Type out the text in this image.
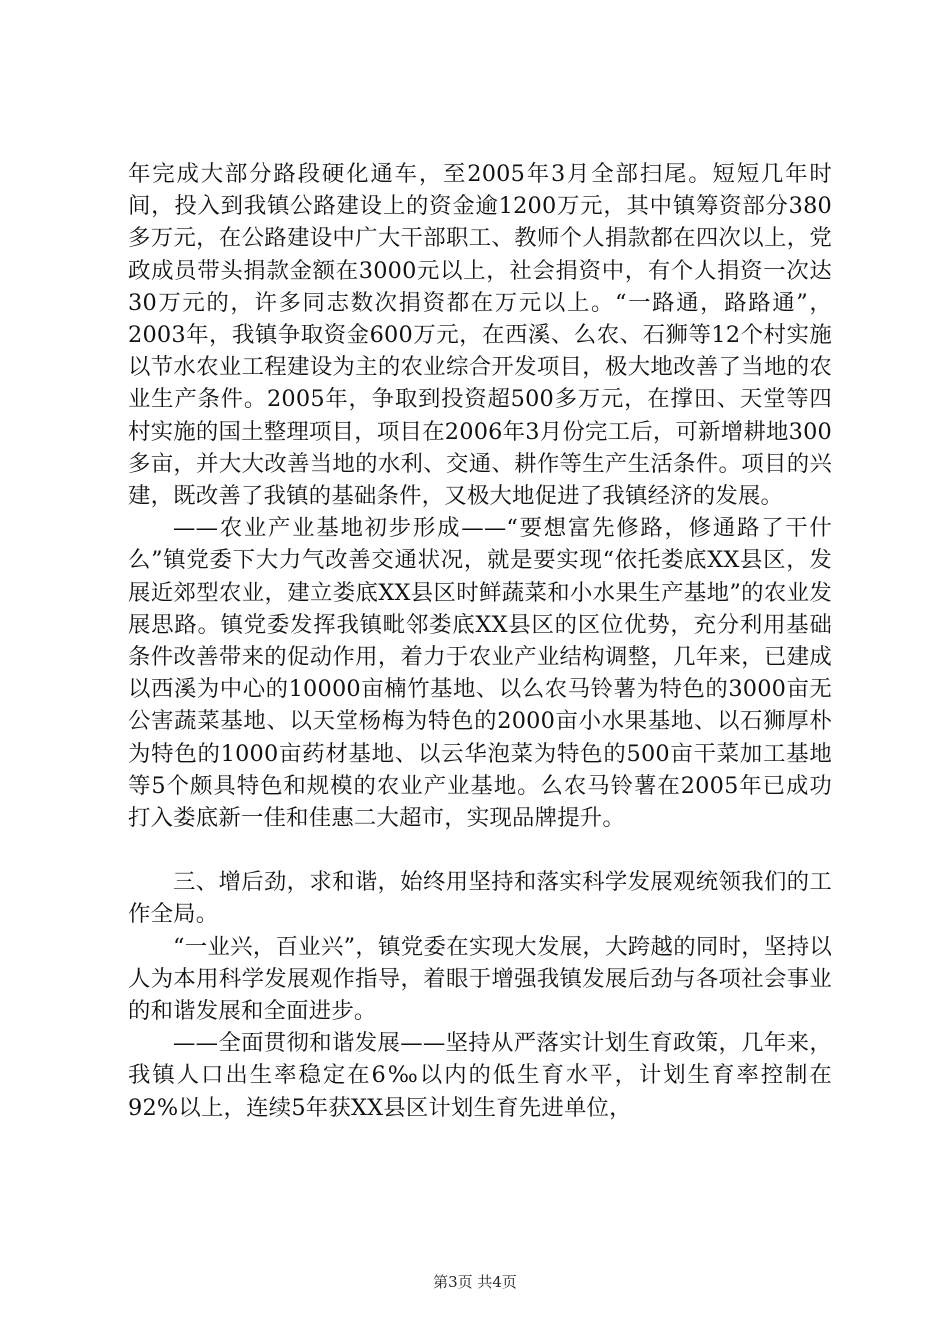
年完成大部分路段硬化通车，至2005年3月全部扫尾。短短几年时间，投入到我镇公路建设上的资金逾1200万元，其中镇筹资部分380多万元，在公路建设中广大干部职工、教师个人捐款都在四次以上，党政成员带头捐款金额在3000元以上，社会捐资中，有个人捐资一次达30万元的，许多同志数次捐资都在万元以上。“一路通，路路通”，2003年，我镇争取资金600万元，在西溪、么农、石狮等12个村实施以节水农业工程建设为主的农业综合开发项目，极大地改善了当地的农业生产条件。2005年，争取到投资超500多万元，在撑田、天堂等四村实施的国土整理项目，项目在2006年3月份完工后，可新增耕地300多亩，并大大改善当地的水利、交通、耕作等生产生活条件。项目的兴建，既改善了我镇的基础条件，又极大地促进了我镇经济的发展。

——农业产业基地初步形成——“要想富先修路，修通路了干什么”镇党委下大力气改善交通状况，就是要实现“依托娄底XX县区，发展近郊型农业，建立娄底XX县区时鲜蔬菜和小水果生产基地”的农业发展思路。镇党委发挥我镇毗邻娄底XX县区的区位优势，充分利用基础条件改善带来的促动作用，着力于农业产业结构调整，几年来，已建成以西溪为中心的10000亩楠竹基地、以么农马铃薯为特色的3000亩无公害蔬菜基地、以天堂杨梅为特色的2000亩小水果基地、以石狮厚朴为特色的1000亩药材基地、以云华泡菜为特色的500亩干菜加工基地等5个颇具特色和规模的农业产业基地。么农马铃薯在2005年已成功打入娄底新一佳和佳惠二大超市，实现品牌提升。

三、增后劲，求和谐，始终用坚持和落实科学发展观统领我们的工作全局。

“一业兴，百业兴”，镇党委在实现大发展，大跨越的同时，坚持以人为本用科学发展观作指导，着眼于增强我镇发展后劲与各项社会事业的和谐发展和全面进步。

——全面贯彻和谐发展——坚持从严落实计划生育政策，几年来，我镇人口出生率稳定在6‰以内的低生育水平，计划生育率控制在92%以上，连续5年获XX县区计划生育先进单位，

第3页 共4页
